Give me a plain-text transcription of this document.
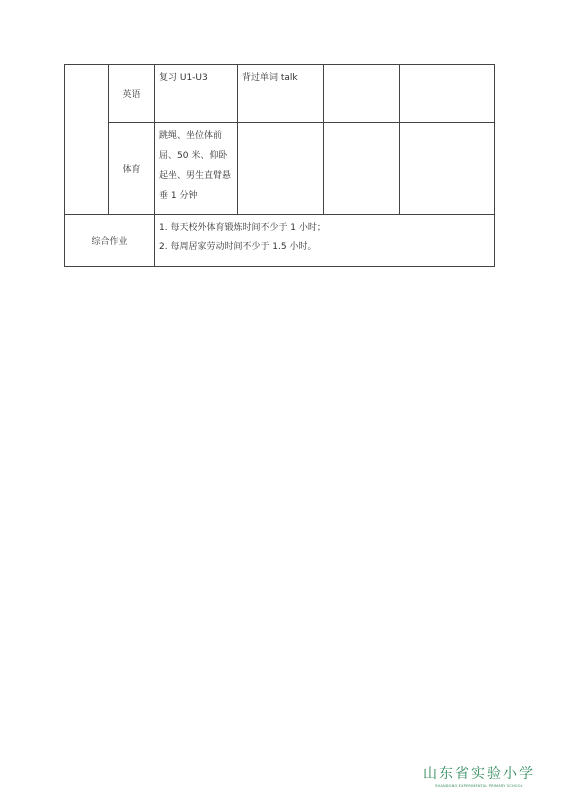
	英语	复习 U1-U3	背过单词 talk		
	体育	跳绳、坐位体前屈、50 米、仰卧起坐、男生直臂悬垂 1 分钟			
综合作业		1. 每天校外体育锻炼时间不少于 1 小时；
2. 每周居家劳动时间不少于 1.5 小时。			
山东省实验小学
SHANDONG EXPERIMENTAL PRIMARY SCHOOL
